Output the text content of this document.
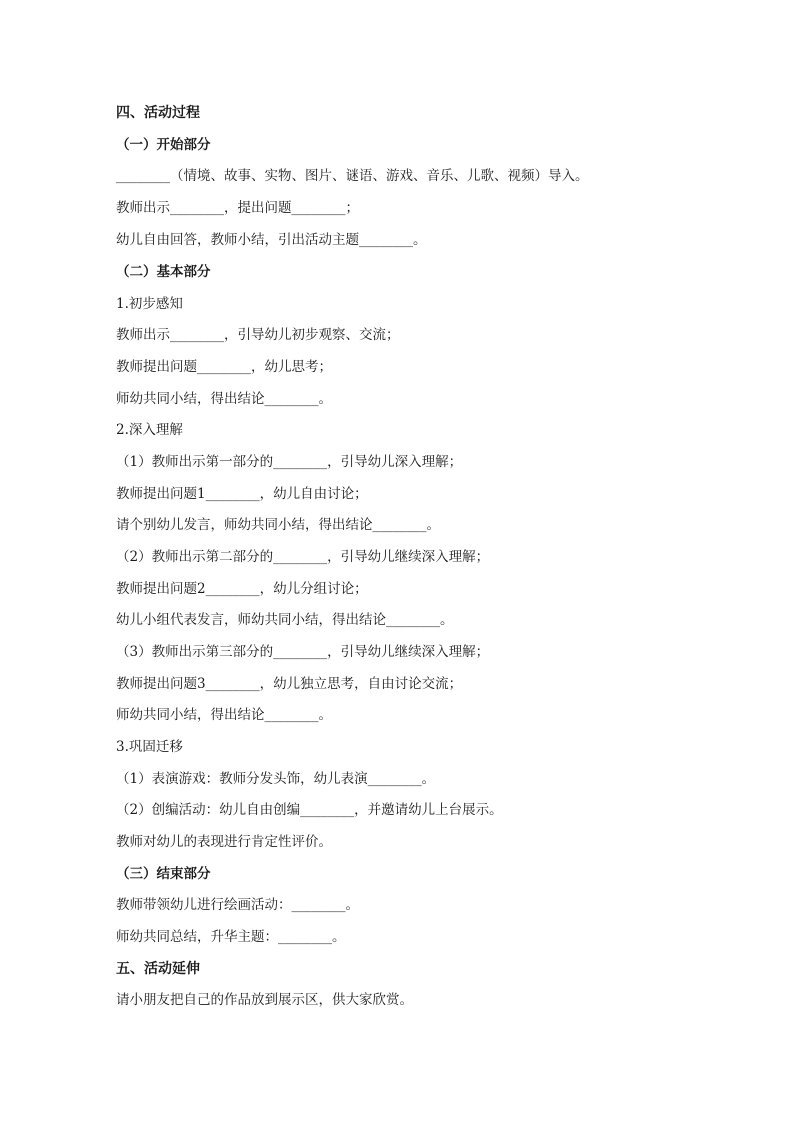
四、活动过程
（一）开始部分
________（情境、故事、实物、图片、谜语、游戏、音乐、儿歌、视频）导入。
教师出示________，提出问题________；
幼儿自由回答，教师小结，引出活动主题________。
（二）基本部分
1.初步感知
教师出示________，引导幼儿初步观察、交流；
教师提出问题________，幼儿思考；
师幼共同小结，得出结论________。
2.深入理解
（1）教师出示第一部分的________，引导幼儿深入理解；
教师提出问题1________，幼儿自由讨论；
请个别幼儿发言，师幼共同小结，得出结论________。
（2）教师出示第二部分的________，引导幼儿继续深入理解；
教师提出问题2________，幼儿分组讨论；
幼儿小组代表发言，师幼共同小结，得出结论________。
（3）教师出示第三部分的________，引导幼儿继续深入理解；
教师提出问题3________，幼儿独立思考，自由讨论交流；
师幼共同小结，得出结论________。
3.巩固迁移
（1）表演游戏：教师分发头饰，幼儿表演________。
（2）创编活动：幼儿自由创编________，并邀请幼儿上台展示。
教师对幼儿的表现进行肯定性评价。
（三）结束部分
教师带领幼儿进行绘画活动：________。
师幼共同总结，升华主题：________。
五、活动延伸
请小朋友把自己的作品放到展示区，供大家欣赏。
